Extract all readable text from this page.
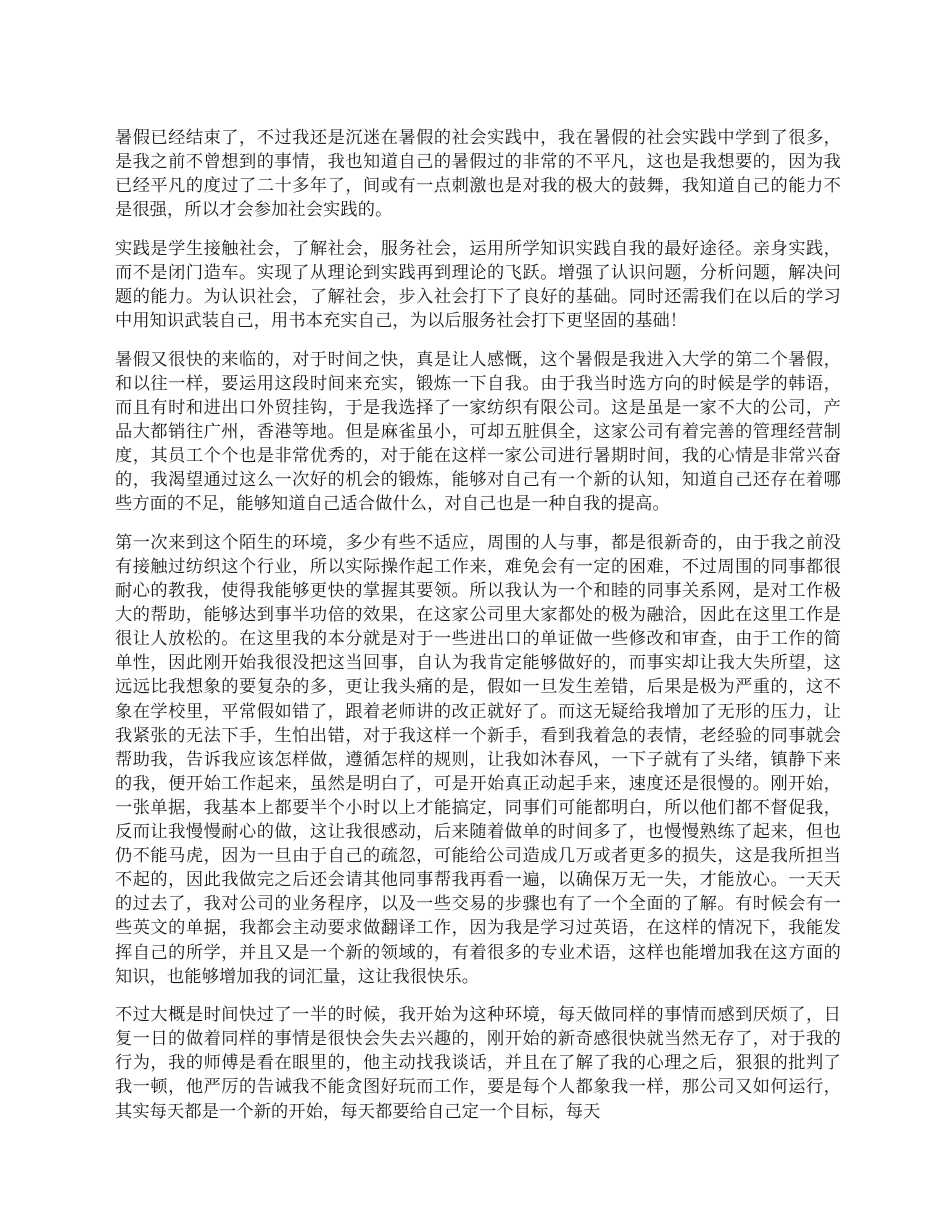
暑假已经结束了，不过我还是沉迷在暑假的社会实践中，我在暑假的社会实践中学到了很多，是我之前不曾想到的事情，我也知道自己的暑假过的非常的不平凡，这也是我想要的，因为我已经平凡的度过了二十多年了，间或有一点刺激也是对我的极大的鼓舞，我知道自己的能力不是很强，所以才会参加社会实践的。

实践是学生接触社会，了解社会，服务社会，运用所学知识实践自我的最好途径。亲身实践，而不是闭门造车。实现了从理论到实践再到理论的飞跃。增强了认识问题，分析问题，解决问题的能力。为认识社会，了解社会，步入社会打下了良好的基础。同时还需我们在以后的学习中用知识武装自己，用书本充实自己，为以后服务社会打下更坚固的基础！

暑假又很快的来临的，对于时间之快，真是让人感慨，这个暑假是我进入大学的第二个暑假，和以往一样，要运用这段时间来充实，锻炼一下自我。由于我当时选方向的时候是学的韩语，而且有时和进出口外贸挂钩，于是我选择了一家纺织有限公司。这是虽是一家不大的公司，产品大都销往广州，香港等地。但是麻雀虽小，可却五脏俱全，这家公司有着完善的管理经营制度，其员工个个也是非常优秀的，对于能在这样一家公司进行暑期时间，我的心情是非常兴奋的，我渴望通过这么一次好的机会的锻炼，能够对自己有一个新的认知，知道自己还存在着哪些方面的不足，能够知道自己适合做什么，对自己也是一种自我的提高。

第一次来到这个陌生的环境，多少有些不适应，周围的人与事，都是很新奇的，由于我之前没有接触过纺织这个行业，所以实际操作起工作来，难免会有一定的困难，不过周围的同事都很耐心的教我，使得我能够更快的掌握其要领。所以我认为一个和睦的同事关系网，是对工作极大的帮助，能够达到事半功倍的效果，在这家公司里大家都处的极为融洽，因此在这里工作是很让人放松的。在这里我的本分就是对于一些进出口的单证做一些修改和审查，由于工作的简单性，因此刚开始我很没把这当回事，自认为我肯定能够做好的，而事实却让我大失所望，这远远比我想象的要复杂的多，更让我头痛的是，假如一旦发生差错，后果是极为严重的，这不象在学校里，平常假如错了，跟着老师讲的改正就好了。而这无疑给我增加了无形的压力，让我紧张的无法下手，生怕出错，对于我这样一个新手，看到我着急的表情，老经验的同事就会帮助我，告诉我应该怎样做，遵循怎样的规则，让我如沐春风，一下子就有了头绪，镇静下来的我，便开始工作起来，虽然是明白了，可是开始真正动起手来，速度还是很慢的。刚开始，一张单据，我基本上都要半个小时以上才能搞定，同事们可能都明白，所以他们都不督促我，反而让我慢慢耐心的做，这让我很感动，后来随着做单的时间多了，也慢慢熟练了起来，但也仍不能马虎，因为一旦由于自己的疏忽，可能给公司造成几万或者更多的损失，这是我所担当不起的，因此我做完之后还会请其他同事帮我再看一遍，以确保万无一失，才能放心。一天天的过去了，我对公司的业务程序，以及一些交易的步骤也有了一个全面的了解。有时候会有一些英文的单据，我都会主动要求做翻译工作，因为我是学习过英语，在这样的情况下，我能发挥自己的所学，并且又是一个新的领域的，有着很多的专业术语，这样也能增加我在这方面的知识，也能够增加我的词汇量，这让我很快乐。

不过大概是时间快过了一半的时候，我开始为这种环境，每天做同样的事情而感到厌烦了，日复一日的做着同样的事情是很快会失去兴趣的，刚开始的新奇感很快就当然无存了，对于我的行为，我的师傅是看在眼里的，他主动找我谈话，并且在了解了我的心理之后，狠狠的批判了我一顿，他严厉的告诫我不能贪图好玩而工作，要是每个人都象我一样，那公司又如何运行，其实每天都是一个新的开始，每天都要给自己定一个目标，每天
